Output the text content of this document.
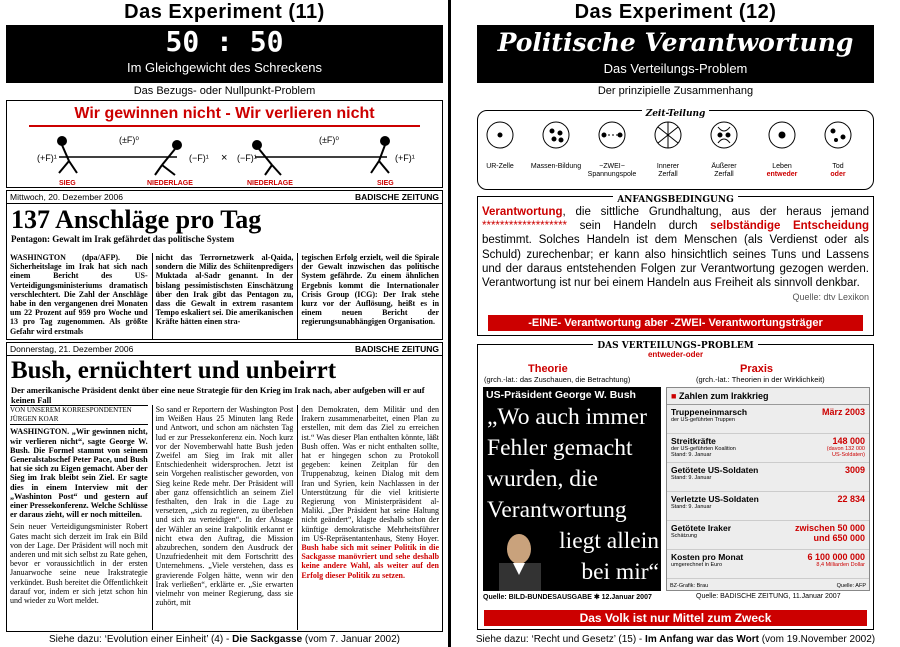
Das Experiment (11)
50 : 50
Im Gleichgewicht des Schreckens
Das Bezugs- oder Nullpunkt-Problem
Wir gewinnen nicht - Wir verlieren nicht
(+F)¹
(±F)⁰
(−F)¹ × (−F)¹
(±F)⁰
(+F)¹
SIEG	NIEDERLAGE	NIEDERLAGE	SIEG
Mittwoch, 20. Dezember 2006	BADISCHE ZEITUNG
137 Anschläge pro Tag
Pentagon: Gewalt im Irak gefährdet das politische System
WASHINGTON (dpa/AFP). Die Sicherheitslage im Irak hat sich nach einem Bericht des US-Verteidigungsministeriums dramatisch verschlechtert. Die Zahl der Anschläge habe in den vergangenen drei Monaten um 22 Prozent auf 959 pro Woche und 13 pro Tag zugenommen. Als größte Gefahr wird erstmals
nicht das Terrornetzwerk al-Qaida, sondern die Miliz des Schiitenpredigers Muktada al-Sadr genannt. In der bislang pessimistischsten Einschätzung über den Irak gibt das Pentagon zu, dass die Gewalt in extrem rasantem Tempo eskaliert sei. Die amerikanischen Kräfte hätten einen stra-
tegischen Erfolg erzielt, weil die Spirale der Gewalt inzwischen das politische System gefährde. Zu einem ähnlichen Ergebnis kommt die Internationaler Crisis Group (ICG): Der Irak stehe kurz vor der Auflösung, heißt es in einem neuen Bericht der regierungsunabhängigen Organisation.
Donnerstag, 21. Dezember 2006	BADISCHE ZEITUNG
Bush, ernüchtert und unbeirrt
Der amerikanische Präsident denkt über eine neue Strategie für den Krieg im Irak nach, aber aufgeben will er auf keinen Fall
VON UNSEREM KORRESPONDENTEN
JÜRGEN KOAR
WASHINGTON. „Wir gewinnen nicht, wir verlieren nicht“, sagte George W. Bush. Die Formel stammt von seinem Generalstabschef Peter Pace, und Bush hat sie sich zu Eigen gemacht. Aber der Sieg im Irak bleibt sein Ziel. Er sagte dies in einem Interview mit der „Washinton Post“ und gestern auf einer Pressekonferenz. Welche Schlüsse er daraus zieht, will er noch mitteilen.
Sein neuer Verteidigungsminister Robert Gates macht sich derzeit im Irak ein Bild von der Lage. Der Präsident will noch mit anderen und mit sich selbst zu Rate gehen, bevor er voraussichtlich in der ersten Januarwoche seine neue Irakstrategie verkündet. Bush bereitet die Öffentlichkeit darauf vor, indem er sich jetzt schon hin und wieder zu Wort meldet.
So sand er Reportern der Washington Post im Weißen Haus 25 Minuten lang Rede und Antwort, und schon am nächsten Tag lud er zur Pressekonferenz ein. Noch kurz vor der Novemberwahl hatte Bush jeden Zweifel am Sieg im Irak mit aller Entschiedenheit widersprochen. Jetzt ist sein Vorgehen realistischer geworden, von Sieg keine Rede mehr. Der Präsident will aber ganz offensichtlich an seinem Ziel festhalten, den Irak in die Lage zu versetzen, „sich zu regieren, zu überleben und sich zu verteidigen“. In der Absage der Wähler an seine Irakpolitik erkannt er nicht etwa den Auftrag, die Mission abzubrechen, sondern den Ausdruck der Unzufriedenheit mit dem Fortschritt des Unternehmens. „Viele verstehen, dass es gravierende Folgen hätte, wenn wir den Irak verließen“, erklärte er. „Sie erwarten vielmehr von meiner Regierung, dass sie zuhört, mit
den Demokraten, dem Militär und den Irakern zusammenarbeitet, einen Plan zu erstellen, mit dem das Ziel zu erreichen ist.“ Was dieser Plan enthalten könnte, läßt Bush offen. Was er nicht enthalten sollte, hat er hingegen schon zu Protokoll gegeben: keinen Zeitplan für den Truppenabzug, keinen Dialog mit dem Iran und Syrien, kein Nachlassen in der Unterstützung für die viel kritisierte Regierung von Ministerpräsident al-Maliki. „Der Präsident hat seine Haltung nicht geändert“, klagte deshalb schon der künftige demokratische Mehrheitsführer im US-Repräsentantenhaus, Steny Hoyer. Bush habe sich mit seiner Politik in die Sackgasse manövriert und sehe deshalb keine andere Wahl, als weiter auf den Erfolg dieser Politik zu setzen.
Siehe dazu: ‘Evolution einer Einheit’ (4) - Die Sackgasse (vom 7. Januar 2002)
Das Experiment (12)
Politische Verantwortung
Das Verteilungs-Problem
Der prinzipielle Zusammenhang
Zeit-Teilung
UR-Zelle	Massen-Bildung	−ZWEI−
Spannungspole
Innerer
Zerfall
Äußerer
Zerfall
Leben
entweder
Tod
oder
ANFANGSBEDINGUNG
Verantwortung, die sittliche Grundhaltung, aus der heraus jemand ******************* sein Handeln durch selbständige Entscheidung bestimmt. Solches Handeln ist dem Menschen (als Verdienst oder als Schuld) zurechenbar; er kann also hinsichtlich seines Tuns und Lassens und der daraus entstehenden Folgen zur Verantwortung gezogen werden. Verantwortung ist nur bei einem Handeln aus Freiheit als sinnvoll denkbar.
Quelle: dtv Lexikon
-EINE- Verantwortung aber -ZWEI- Verantwortungsträger
DAS VERTEILUNGS-PROBLEM
entweder-oder
Theorie
(grch.-lat.: das Zuschauen, die Betrachtung)
Praxis
(grch.-lat.: Theorien in der Wirklichkeit)
US-Präsident George W. Bush
„Wo auch immer
Fehler gemacht
wurden, die
Verantwortung
liegt allein
bei mir“
Quelle: BILD-BUNDESAUSGABE ✱ 12.Januar 2007
■ Zahlen zum Irakkrieg
Truppeneinmarsch
der US-geführten Truppen
März 2003
Streitkräfte
der US-geführten Koalition
Stand: 9. Januar
148 000
(davon 132 000
US-Soldaten)
Getötete US-Soldaten
Stand: 9. Januar
3009
Verletzte US-Soldaten
Stand: 9. Januar
22 834
Getötete Iraker
Schätzung
zwischen 50 000
und 650 000
Kosten pro Monat
umgerechnet in Euro
6 100 000 000
8,4 Milliarden Dollar
BZ-Grafik: Brau	Quelle: AFP
Quelle: BADISCHE ZEITUNG, 11.Januar 2007
Das Volk ist nur Mittel zum Zweck
Siehe dazu: ‘Recht und Gesetz’ (15) - Im Anfang war das Wort (vom 19.November 2002)
